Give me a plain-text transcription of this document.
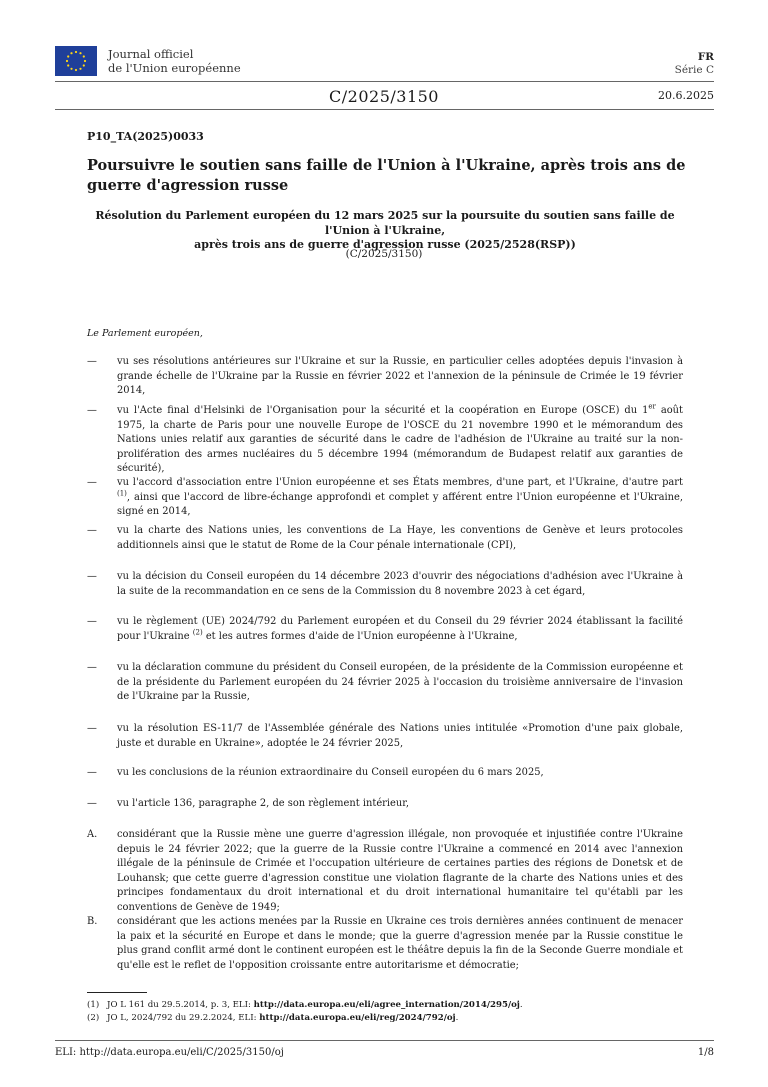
Journal officiel
de l'Union européenne
FR
Série C
C/2025/3150	20.6.2025
P10_TA(2025)0033
Poursuivre le soutien sans faille de l'Union à l'Ukraine, après trois ans de guerre d'agression russe
Résolution du Parlement européen du 12 mars 2025 sur la poursuite du soutien sans faille de l'Union à l'Ukraine,
après trois ans de guerre d'agression russe (2025/2528(RSP))
(C/2025/3150)
Le Parlement européen,
— vu ses résolutions antérieures sur l'Ukraine et sur la Russie, en particulier celles adoptées depuis l'invasion à grande échelle de l'Ukraine par la Russie en février 2022 et l'annexion de la péninsule de Crimée le 19 février 2014,
— vu l'Acte final d'Helsinki de l'Organisation pour la sécurité et la coopération en Europe (OSCE) du 1er août 1975, la charte de Paris pour une nouvelle Europe de l'OSCE du 21 novembre 1990 et le mémorandum des Nations unies relatif aux garanties de sécurité dans le cadre de l'adhésion de l'Ukraine au traité sur la non-prolifération des armes nucléaires du 5 décembre 1994 (mémorandum de Budapest relatif aux garanties de sécurité),
— vu l'accord d'association entre l'Union européenne et ses États membres, d'une part, et l'Ukraine, d'autre part $^{(1)}$, ainsi que l'accord de libre-échange approfondi et complet y afférent entre l'Union européenne et l'Ukraine, signé en 2014,
— vu la charte des Nations unies, les conventions de La Haye, les conventions de Genève et leurs protocoles additionnels ainsi que le statut de Rome de la Cour pénale internationale (CPI),
— vu la décision du Conseil européen du 14 décembre 2023 d'ouvrir des négociations d'adhésion avec l'Ukraine à la suite de la recommandation en ce sens de la Commission du 8 novembre 2023 à cet égard,
— vu le règlement (UE) 2024/792 du Parlement européen et du Conseil du 29 février 2024 établissant la facilité pour l'Ukraine $^{(2)}$ et les autres formes d'aide de l'Union européenne à l'Ukraine,
— vu la déclaration commune du président du Conseil européen, de la présidente de la Commission européenne et de la présidente du Parlement européen du 24 février 2025 à l'occasion du troisième anniversaire de l'invasion de l'Ukraine par la Russie,
— vu la résolution ES-11/7 de l'Assemblée générale des Nations unies intitulée «Promotion d'une paix globale, juste et durable en Ukraine», adoptée le 24 février 2025,
— vu les conclusions de la réunion extraordinaire du Conseil européen du 6 mars 2025,
— vu l'article 136, paragraphe 2, de son règlement intérieur,
A. considérant que la Russie mène une guerre d'agression illégale, non provoquée et injustifiée contre l'Ukraine depuis le 24 février 2022; que la guerre de la Russie contre l'Ukraine a commencé en 2014 avec l'annexion illégale de la péninsule de Crimée et l'occupation ultérieure de certaines parties des régions de Donetsk et de Louhansk; que cette guerre d'agression constitue une violation flagrante de la charte des Nations unies et des principes fondamentaux du droit international et du droit international humanitaire tel qu'établi par les conventions de Genève de 1949;
B. considérant que les actions menées par la Russie en Ukraine ces trois dernières années continuent de menacer la paix et la sécurité en Europe et dans le monde; que la guerre d'agression menée par la Russie constitue le plus grand conflit armé dont le continent européen est le théâtre depuis la fin de la Seconde Guerre mondiale et qu'elle est le reflet de l'opposition croissante entre autoritarisme et démocratie;
(1) JO L 161 du 29.5.2014, p. 3, ELI: http://data.europa.eu/eli/agree_internation/2014/295/oj.
(2) JO L, 2024/792 du 29.2.2024, ELI: http://data.europa.eu/eli/reg/2024/792/oj.
ELI: http://data.europa.eu/eli/C/2025/3150/oj	1/8
